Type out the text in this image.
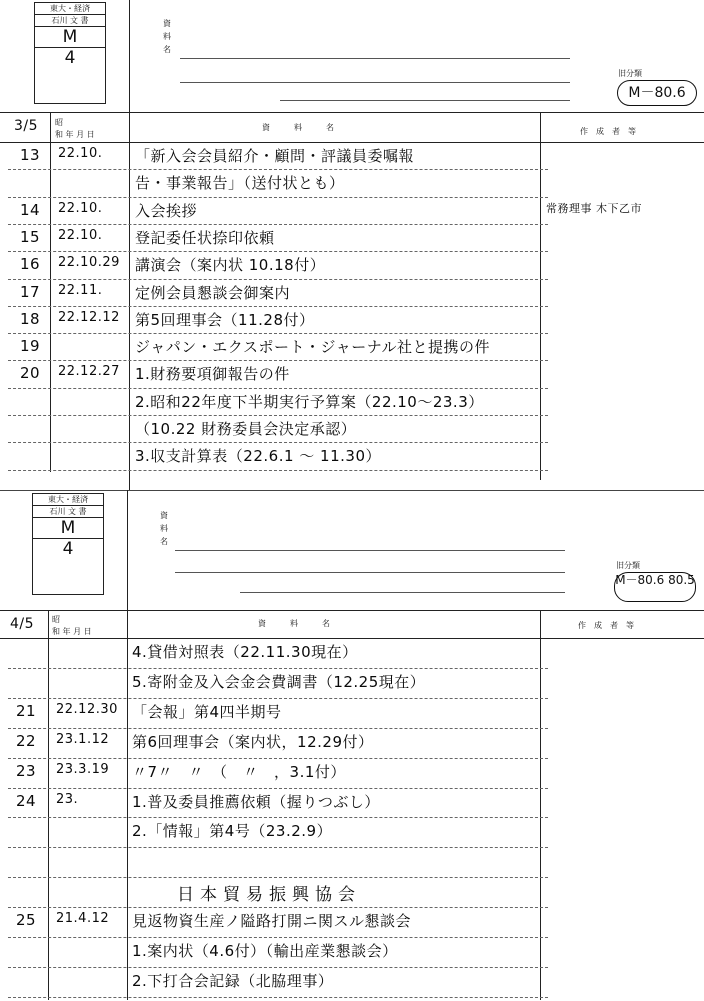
東大・経済
石川 文 書
M
4
資
料
名
旧分類
M－80.6
3/5 昭
和 年 月 日
資　　　料　　　名	作　成　者　等
13 22.10. 「新入会会員紹介・顧問・評議員委嘱報
告・事業報告」（送付状とも）
14 22.10. 入会挨拶	常務理事 木下乙市
15 22.10. 登記委任状捺印依頼
16 22.10.29 講演会（案内状 10.18付）
17 22.11. 定例会員懇談会御案内
18 22.12.12 第5回理事会（11.28付）
19	ジャパン・エクスポート・ジャーナル社と提携の件
20 22.12.27 1.財務要項御報告の件
2.昭和22年度下半期実行予算案（22.10～23.3）
（10.22 財務委員会決定承認）
3.収支計算表（22.6.1 ～ 11.30）
東大・経済
石川 文 書
M
4
資
料
名
旧分類
M－80.6 80.5
4/5 昭
和 年 月 日
資　　　料　　　名	作　成　者　等
4.貸借対照表（22.11.30現在）
5.寄附金及入会金会費調書（12.25現在）
21 22.12.30 「会報」第4四半期号
22 23.1.12 第6回理事会（案内状，12.29付）
23 23.3.19 〃7〃　〃　（　〃　，3.1付）
24 23.	1.普及委員推薦依頼（握りつぶし）
2.「情報」第4号（23.2.9）
日本貿易振興協会
25 21.4.12 見返物資生産ノ隘路打開ニ関スル懇談会
1.案内状（4.6付）（輸出産業懇談会）
2.下打合会記録（北脇理事）
